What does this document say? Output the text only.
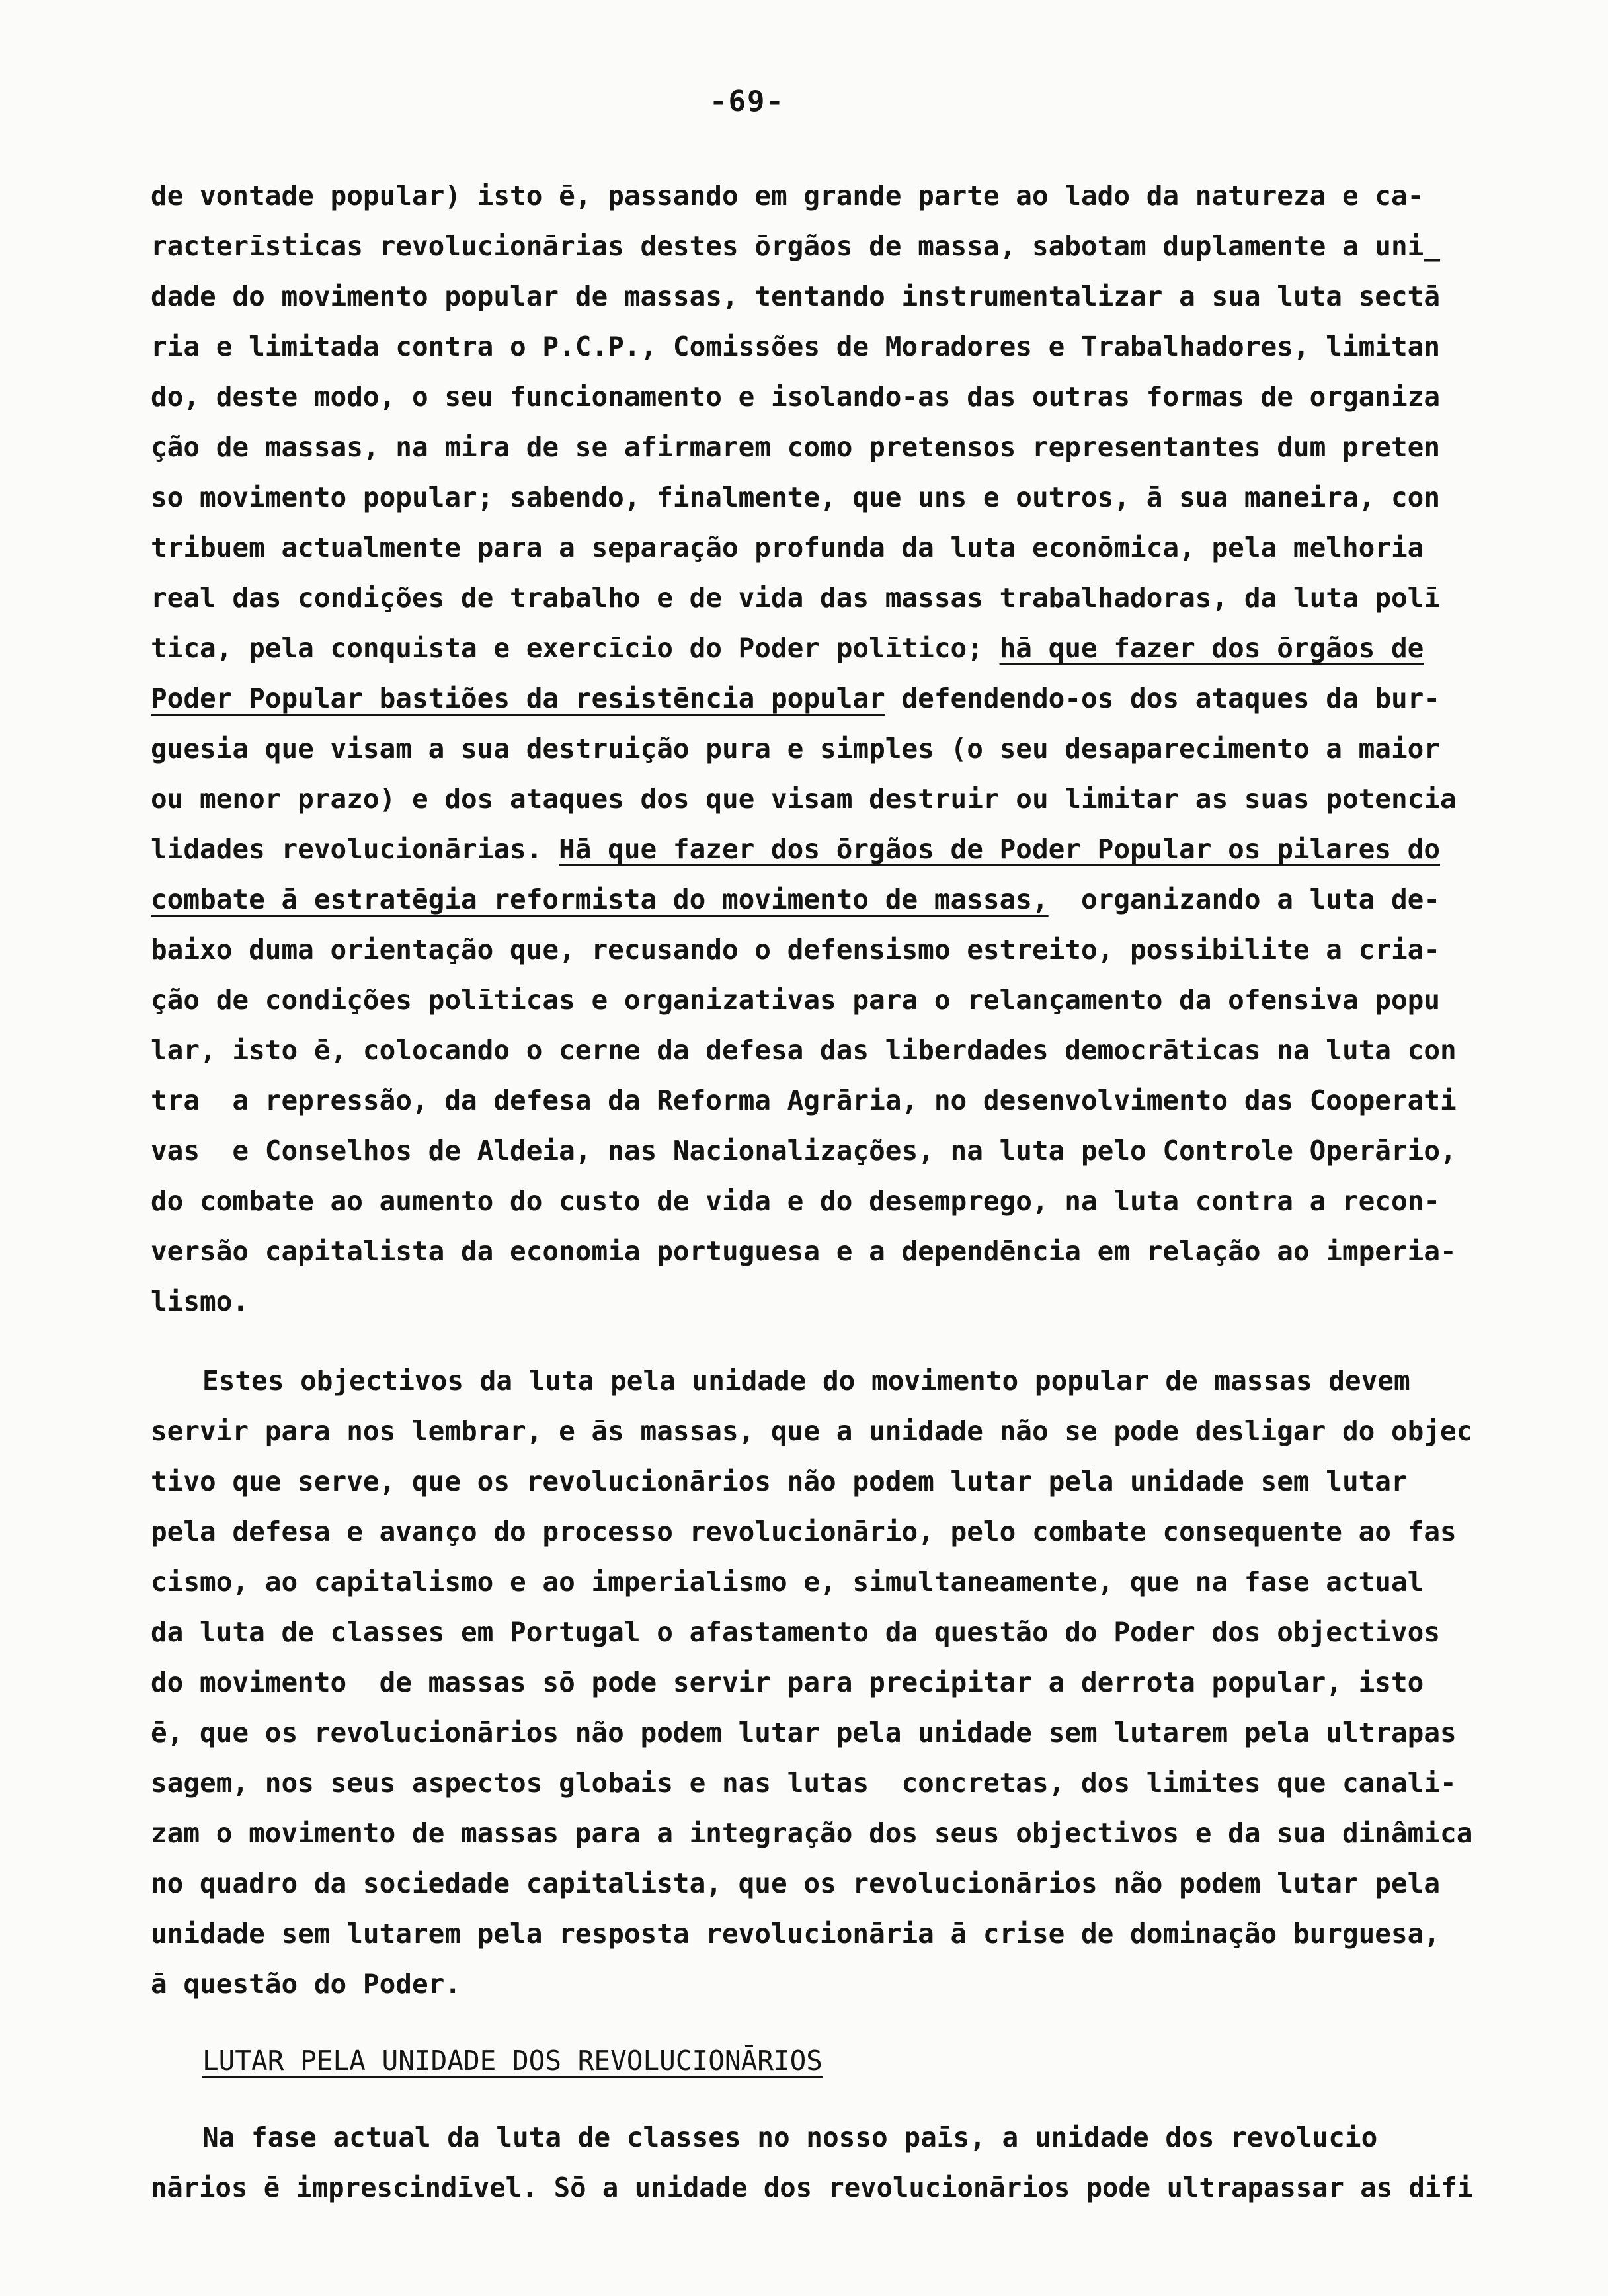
-69-
de vontade popular) isto ē, passando em grande parte ao lado da natureza e ca-
racterīsticas revolucionārias destes ōrgãos de massa, sabotam duplamente a uni_
dade do movimento popular de massas, tentando instrumentalizar a sua luta sectā
ria e limitada contra o P.C.P., Comissões de Moradores e Trabalhadores, limitan
do, deste modo, o seu funcionamento e isolando-as das outras formas de organiza
ção de massas, na mira de se afirmarem como pretensos representantes dum preten
so movimento popular; sabendo, finalmente, que uns e outros, ā sua maneira, con
tribuem actualmente para a separação profunda da luta econōmica, pela melhoria
real das condições de trabalho e de vida das massas trabalhadoras, da luta polī
tica, pela conquista e exercīcio do Poder polītico; hā que fazer dos ōrgãos de
Poder Popular bastiões da resistēncia popular defendendo-os dos ataques da bur-
guesia que visam a sua destruição pura e simples (o seu desaparecimento a maior
ou menor prazo) e dos ataques dos que visam destruir ou limitar as suas potencia
lidades revolucionārias. Hā que fazer dos ōrgãos de Poder Popular os pilares do
combate ā estratēgia reformista do movimento de massas,  organizando a luta de-
baixo duma orientação que, recusando o defensismo estreito, possibilite a cria-
ção de condições polīticas e organizativas para o relançamento da ofensiva popu
lar, isto ē, colocando o cerne da defesa das liberdades democrāticas na luta con
tra  a repressão, da defesa da Reforma Agrāria, no desenvolvimento das Cooperati
vas  e Conselhos de Aldeia, nas Nacionalizações, na luta pelo Controle Operārio,
do combate ao aumento do custo de vida e do desemprego, na luta contra a recon-
versão capitalista da economia portuguesa e a dependēncia em relação ao imperia-
lismo.
Estes objectivos da luta pela unidade do movimento popular de massas devem
servir para nos lembrar, e ās massas, que a unidade não se pode desligar do objec
tivo que serve, que os revolucionārios não podem lutar pela unidade sem lutar
pela defesa e avanço do processo revolucionārio, pelo combate consequente ao fas
cismo, ao capitalismo e ao imperialismo e, simultaneamente, que na fase actual
da luta de classes em Portugal o afastamento da questão do Poder dos objectivos
do movimento  de massas sō pode servir para precipitar a derrota popular, isto
ē, que os revolucionārios não podem lutar pela unidade sem lutarem pela ultrapas
sagem, nos seus aspectos globais e nas lutas  concretas, dos limites que canali-
zam o movimento de massas para a integração dos seus objectivos e da sua dinâmica
no quadro da sociedade capitalista, que os revolucionārios não podem lutar pela
unidade sem lutarem pela resposta revolucionāria ā crise de dominação burguesa,
ā questão do Poder.
LUTAR PELA UNIDADE DOS REVOLUCIONĀRIOS
Na fase actual da luta de classes no nosso paīs, a unidade dos revolucio
nārios ē imprescindīvel. Sō a unidade dos revolucionārios pode ultrapassar as difi
